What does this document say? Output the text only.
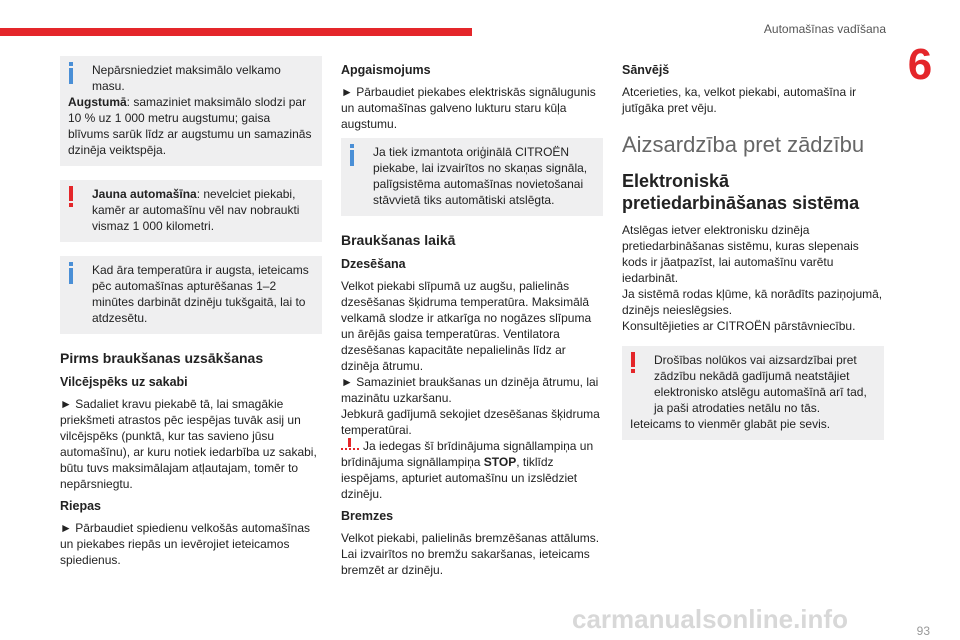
Automašīnas vadīšana
6

Nepārsniedziet maksimālo velkamo masu.

Augstumā: samaziniet maksimālo slodzi par 10 % uz 1 000 metru augstumu; gaisa blīvums sarūk līdz ar augstumu un samazinās dzinēja veiktspēja.

Jauna automašīna: nevelciet piekabi, kamēr ar automašīnu vēl nav nobraukti vismaz 1 000 kilometri.

Kad āra temperatūra ir augsta, ieteicams pēc automašīnas apturēšanas 1–2 minūtes darbināt dzinēju tukšgaitā, lai to atdzesētu.

Pirms braukšanas uzsākšanas
Vilcējspēks uz sakabi

► Sadaliet kravu piekabē tā, lai smagākie priekšmeti atrastos pēc iespējas tuvāk asij un vilcējspēks (punktā, kur tas savieno jūsu automašīnu), ar kuru notiek iedarbība uz sakabi, būtu tuvs maksimālajam atļautajam, tomēr to nepārsniegtu.

Riepas

► Pārbaudiet spiedienu velkošās automašīnas un piekabes riepās un ievērojiet ieteicamos spiedienus.

Apgaismojums

► Pārbaudiet piekabes elektriskās signālugunis un automašīnas galveno lukturu staru kūļa augstumu.

Ja tiek izmantota oriģinālā CITROËN piekabe, lai izvairītos no skaņas signāla, palīgsistēma automašīnas novietošanai stāvvietā tiks automātiski atslēgta.

Braukšanas laikā
Dzesēšana

Velkot piekabi slīpumā uz augšu, palielinās dzesēšanas šķidruma temperatūra. Maksimālā velkamā slodze ir atkarīga no nogāzes slīpuma un ārējās gaisa temperatūras. Ventilatora dzesēšanas kapacitāte nepalielinās līdz ar dzinēja ātrumu.

► Samaziniet braukšanas un dzinēja ātrumu, lai mazinātu uzkaršanu.

Jebkurā gadījumā sekojiet dzesēšanas šķidruma temperatūrai.

Ja iedegas šī brīdinājuma signāllampiņa un brīdinājuma signāllampiņa STOP, tiklīdz iespējams, apturiet automašīnu un izslēdziet dzinēju.

Bremzes

Velkot piekabi, palielinās bremzēšanas attālums. Lai izvairītos no bremžu sakaršanas, ieteicams bremzēt ar dzinēju.

Sānvējš

Atcerieties, ka, velkot piekabi, automašīna ir jutīgāka pret vēju.

Aizsardzība pret zādzību
Elektroniskā pretiedarbināšanas sistēma

Atslēgas ietver elektronisku dzinēja pretiedarbināšanas sistēmu, kuras slepenais kods ir jāatpazīst, lai automašīnu varētu iedarbināt.

Ja sistēmā rodas kļūme, kā norādīts paziņojumā, dzinējs neieslēgsies.

Konsultējieties ar CITROËN pārstāvniecību.

Drošības nolūkos vai aizsardzībai pret zādzību nekādā gadījumā neatstājiet elektronisko atslēgu automašīnā arī tad, ja paši atrodaties netālu no tās.

Ieteicams to vienmēr glabāt pie sevis.

carmanualsonline.info	93
